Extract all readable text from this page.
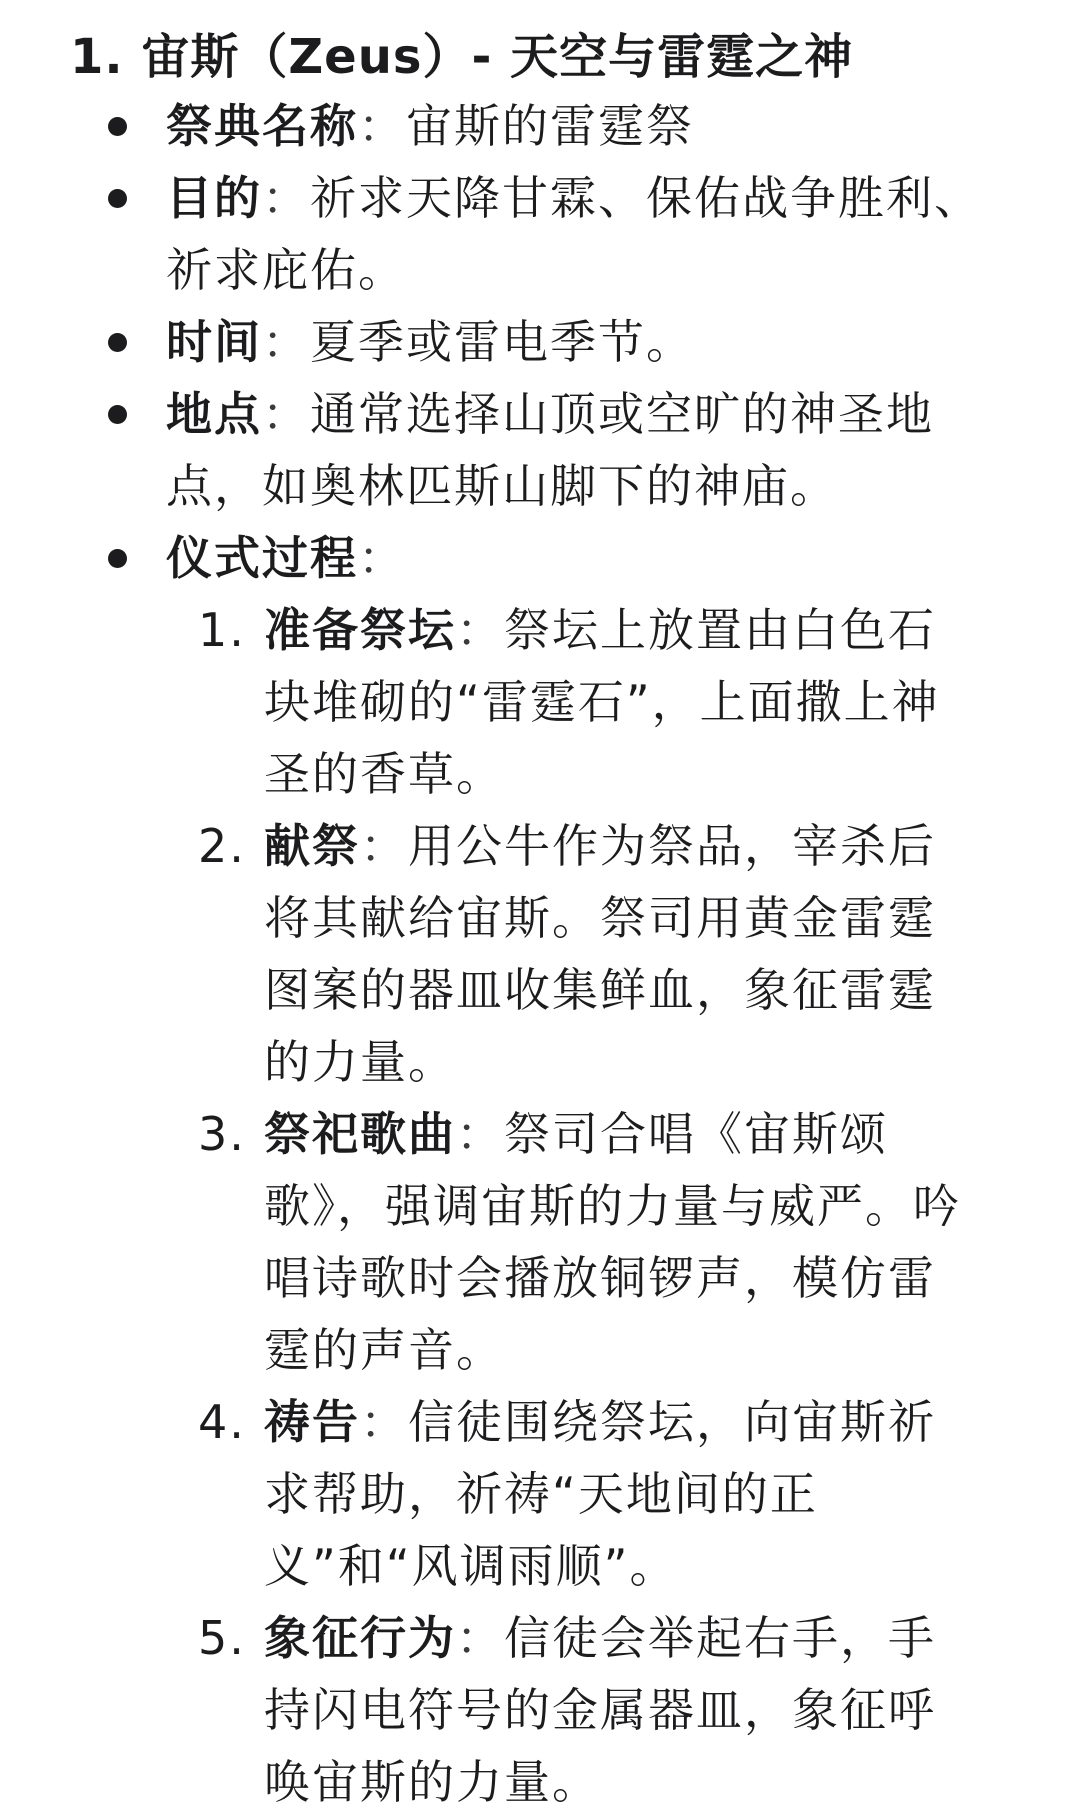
1. 宙斯（Zeus）- 天空与雷霆之神
祭典名称：宙斯的雷霆祭
目的：祈求天降甘霖、保佑战争胜利、祈求庇佑。
时间：夏季或雷电季节。
地点：通常选择山顶或空旷的神圣地点，如奥林匹斯山脚下的神庙。
仪式过程：
1. 准备祭坛：祭坛上放置由白色石块堆砌的“雷霆石”，上面撒上神圣的香草。
2. 献祭：用公牛作为祭品，宰杀后将其献给宙斯。祭司用黄金雷霆图案的器皿收集鲜血，象征雷霆的力量。
3. 祭祀歌曲：祭司合唱《宙斯颂歌》，强调宙斯的力量与威严。吟唱诗歌时会播放铜锣声，模仿雷霆的声音。
4. 祷告：信徒围绕祭坛，向宙斯祈求帮助，祈祷“天地间的正义”和“风调雨顺”。
5. 象征行为：信徒会举起右手，手持闪电符号的金属器皿，象征呼唤宙斯的力量。
